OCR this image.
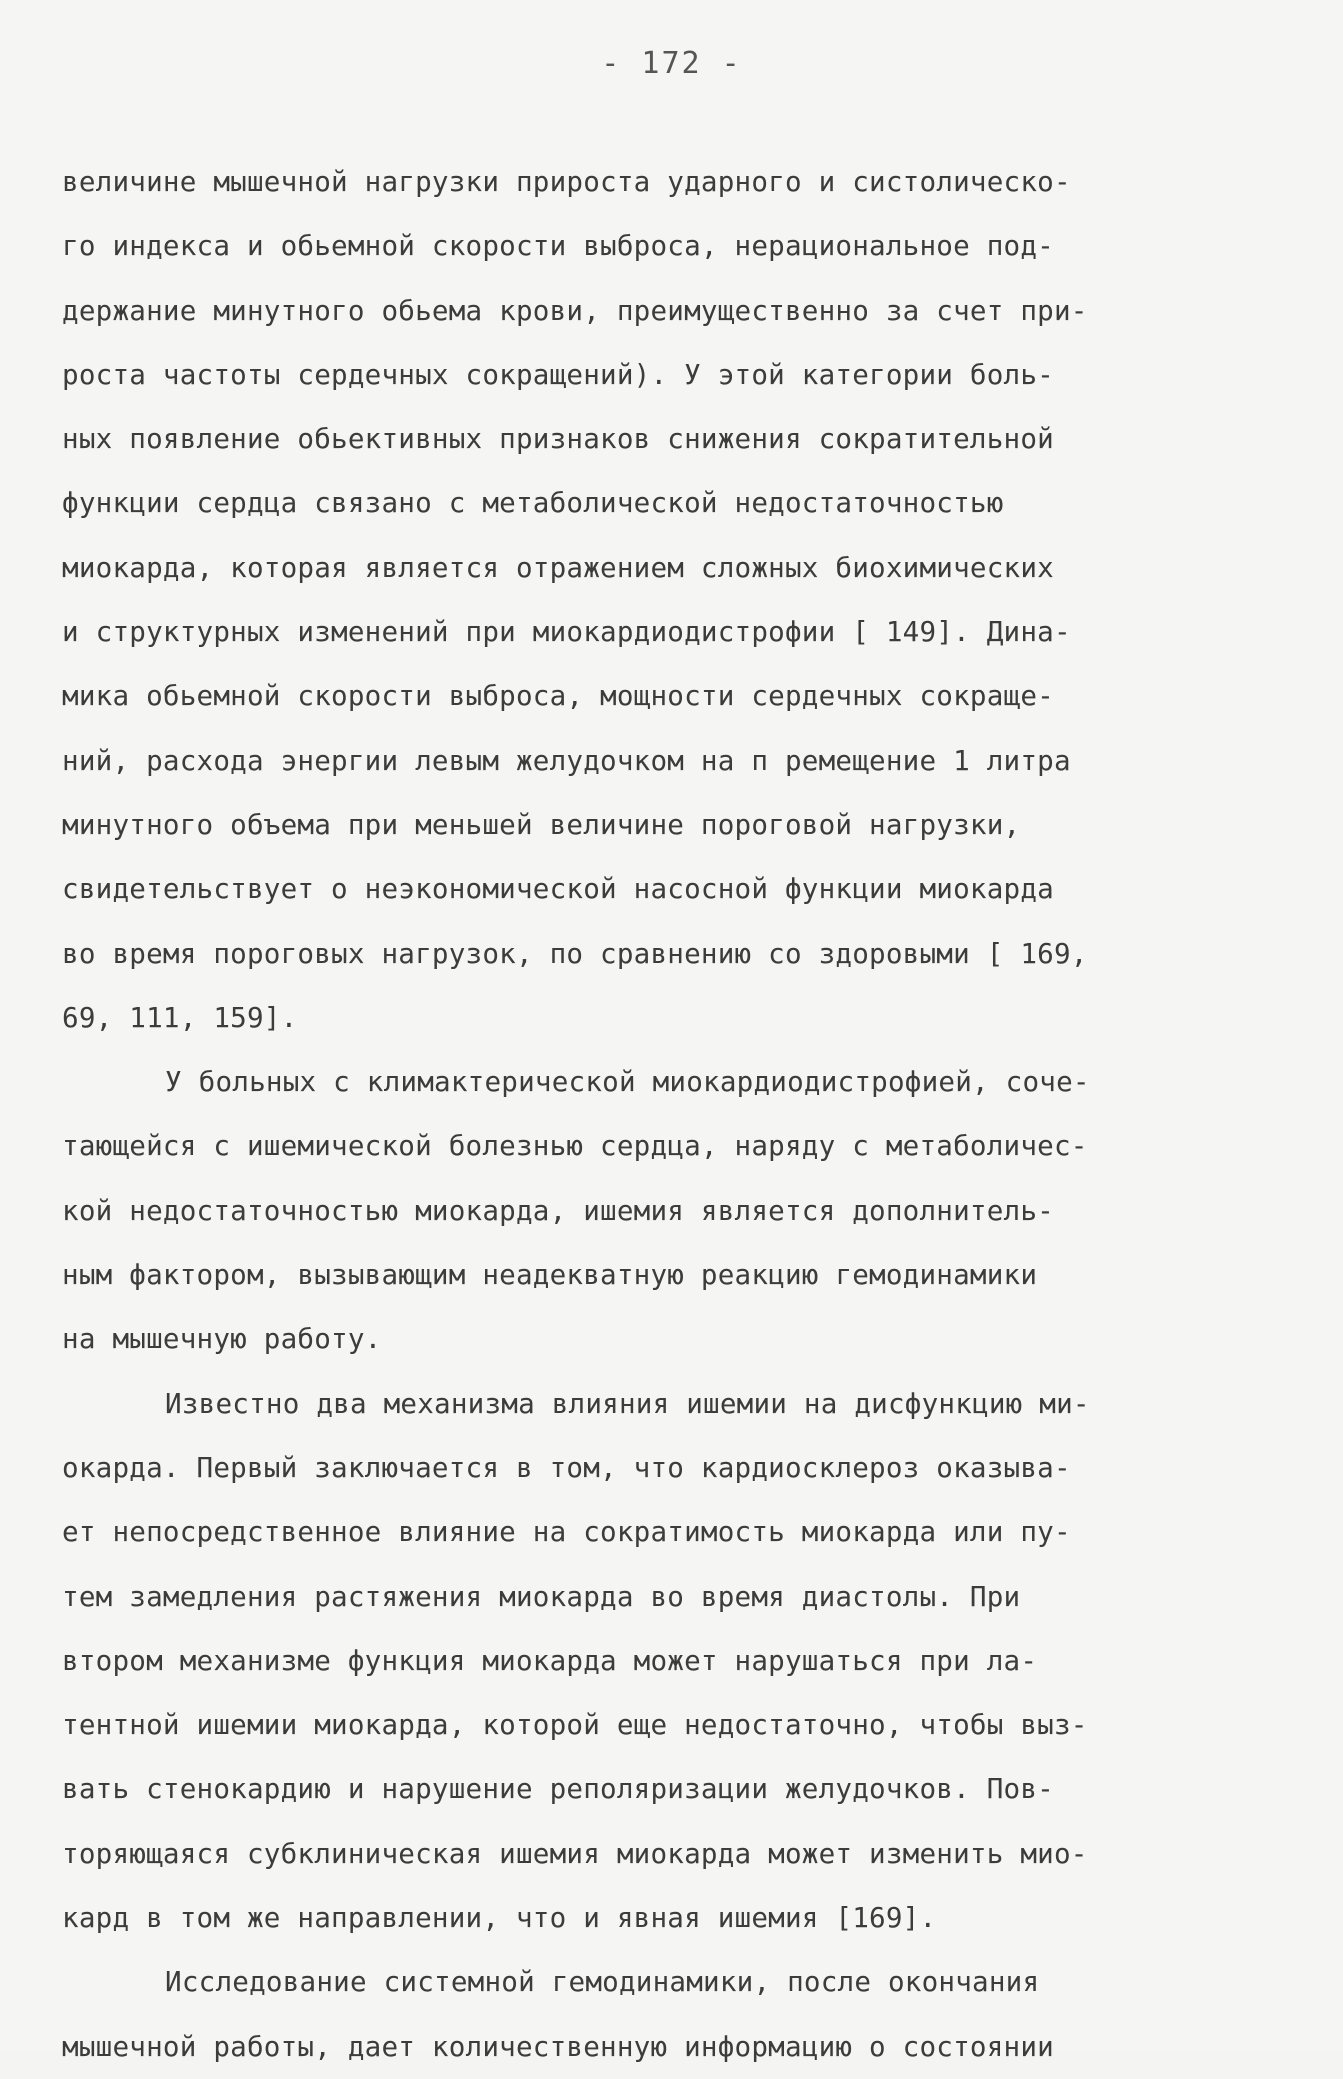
- 172 -
величине мышечной нагрузки прироста ударного и систолическо-
го индекса и обьемной скорости выброса, нерациональное под-
держание минутного обьема крови, преимущественно за счет при-
роста частоты сердечных сокращений). У этой категории боль-
ных появление обьективных признаков снижения сократительной
функции сердца связано с метаболической недостаточностью
миокарда, которая является отражением сложных биохимических
и структурных изменений при миокардиодистрофии [ 149]. Дина-
мика обьемной скорости выброса, мощности сердечных сокраще-
ний, расхода энергии левым желудочком на п ремещение 1 литра
минутного объема при меньшей величине пороговой нагрузки,
свидетельствует о неэкономической насосной функции миокарда
во время пороговых нагрузок, по сравнению со здоровыми [ 169,
69, 111, 159].
У больных с климактерической миокардиодистрофией, соче-
тающейся с ишемической болезнью сердца, наряду с метаболичес-
кой недостаточностью миокарда, ишемия является дополнитель-
ным фактором, вызывающим неадекватную реакцию гемодинамики
на мышечную работу.
Известно два механизма влияния ишемии на дисфункцию ми-
окарда. Первый заключается в том, что кардиосклероз оказыва-
ет непосредственное влияние на сократимость миокарда или пу-
тем замедления растяжения миокарда во время диастолы. При
втором механизме функция миокарда может нарушаться при ла-
тентной ишемии миокарда, которой еще недостаточно, чтобы выз-
вать стенокардию и нарушение реполяризации желудочков. Пов-
торяющаяся субклиническая ишемия миокарда может изменить мио-
кард в том же направлении, что и явная ишемия [169].
Исследование системной гемодинамики, после окончания
мышечной работы, дает количественную информацию о состоянии
